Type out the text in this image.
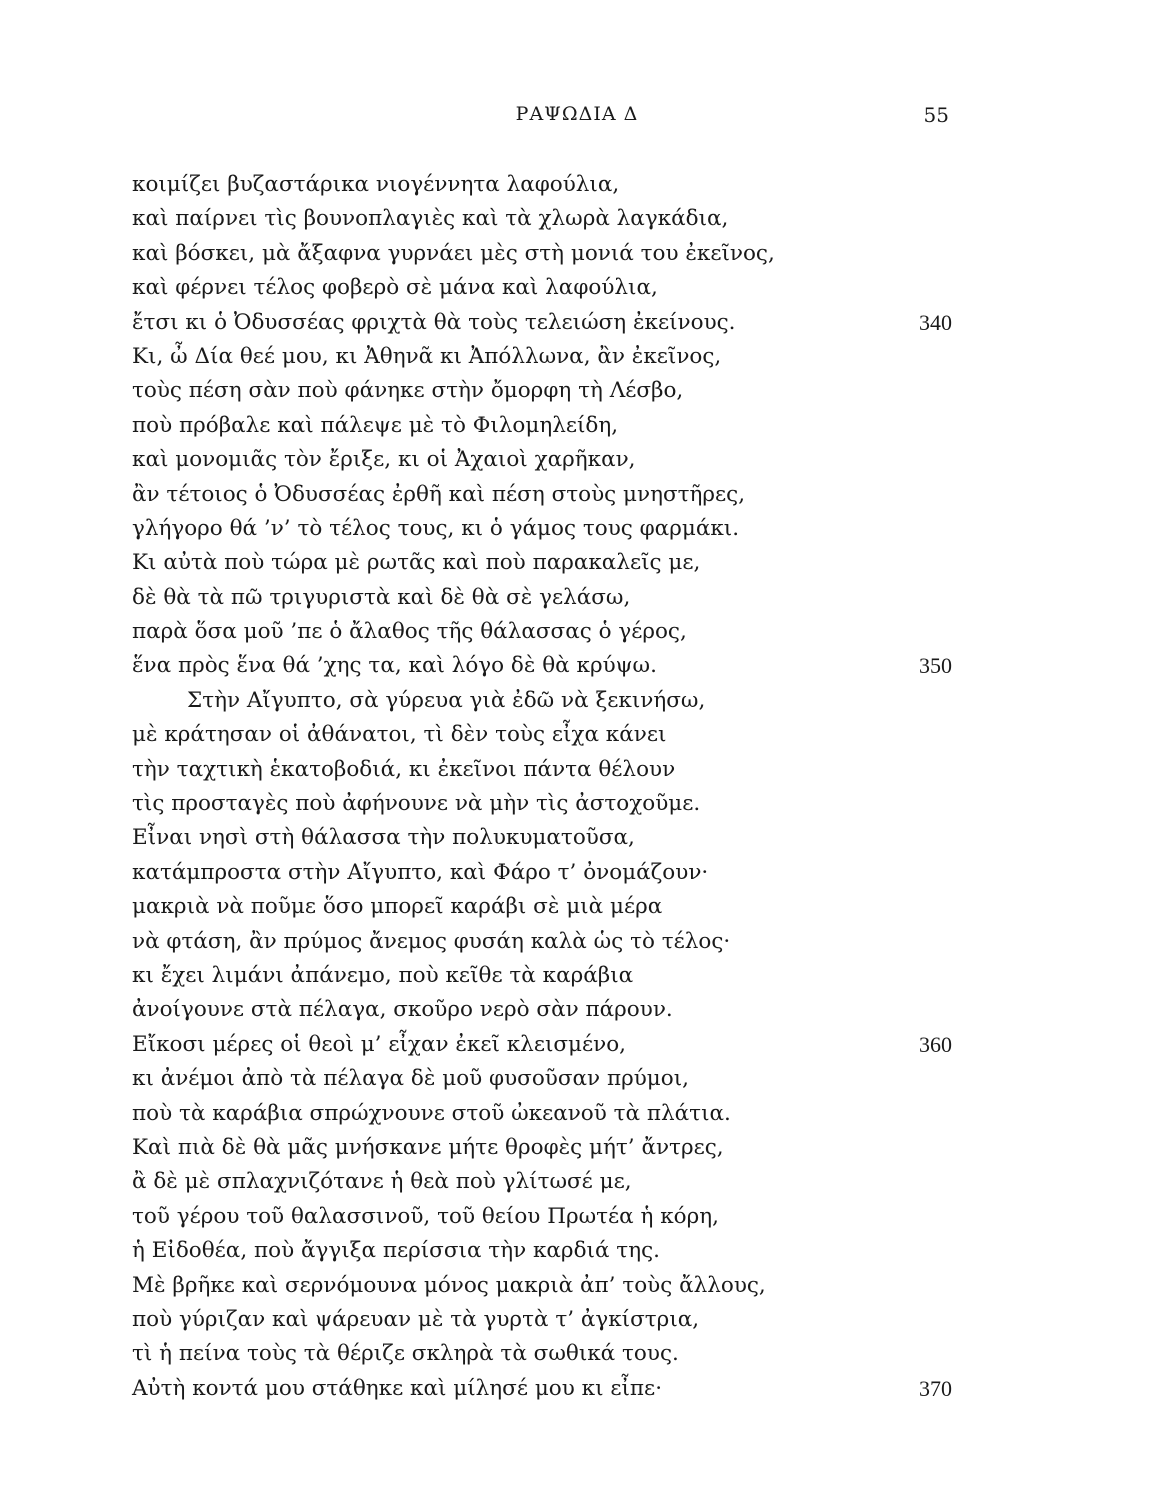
ΡΑΨΩΔΙΑ Δ	55
κοιμίζει βυζαστάρικα νιογέννητα λαφούλια,
καὶ παίρνει τὶς βουνοπλαγιὲς καὶ τὰ χλωρὰ λαγκάδια,
καὶ βόσκει, μὰ ἄξαφνα γυρνάει μὲς στὴ μονιά του ἐκεῖνος,
καὶ φέρνει τέλος φοβερὸ σὲ μάνα καὶ λαφούλια,
ἔτσι κι ὁ Ὀδυσσέας φριχτὰ θὰ τοὺς τελειώση ἐκείνους.	340
Κι, ὦ Δία θεέ μου, κι Ἀθηνᾶ κι Ἀπόλλωνα, ἂν ἐκεῖνος,
τοὺς πέση σὰν ποὺ φάνηκε στὴν ὄμορφη τὴ Λέσβο,
ποὺ πρόβαλε καὶ πάλεψε μὲ τὸ Φιλομηλείδη,
καὶ μονομιᾶς τὸν ἔριξε, κι οἱ Ἀχαιοὶ χαρῆκαν,
ἂν τέτοιος ὁ Ὀδυσσέας ἐρθῆ καὶ πέση στοὺς μνηστῆρες,
γλήγορο θά ’ν’ τὸ τέλος τους, κι ὁ γάμος τους φαρμάκι.
Κι αὐτὰ ποὺ τώρα μὲ ρωτᾶς καὶ ποὺ παρακαλεῖς με,
δὲ θὰ τὰ πῶ τριγυριστὰ καὶ δὲ θὰ σὲ γελάσω,
παρὰ ὅσα μοῦ ’πε ὁ ἄλαθος τῆς θάλασσας ὁ γέρος,
ἕνα πρὸς ἕνα θά ’χης τα, καὶ λόγο δὲ θὰ κρύψω.	350
Στὴν Αἴγυπτο, σὰ γύρευα γιὰ ἐδῶ νὰ ξεκινήσω,
μὲ κράτησαν οἱ ἀθάνατοι, τὶ δὲν τοὺς εἶχα κάνει
τὴν ταχτικὴ ἑκατοβοδιά, κι ἐκεῖνοι πάντα θέλουν
τὶς προσταγὲς ποὺ ἀφήνουνε νὰ μὴν τὶς ἀστοχοῦμε.
Εἶναι νησὶ στὴ θάλασσα τὴν πολυκυματοῦσα,
κατάμπροστα στὴν Αἴγυπτο, καὶ Φάρο τ’ ὀνομάζουν·
μακριὰ νὰ ποῦμε ὅσο μπορεῖ καράβι σὲ μιὰ μέρα
νὰ φτάση, ἂν πρύμος ἄνεμος φυσάη καλὰ ὡς τὸ τέλος·
κι ἔχει λιμάνι ἀπάνεμο, ποὺ κεῖθε τὰ καράβια
ἀνοίγουνε στὰ πέλαγα, σκοῦρο νερὸ σὰν πάρουν.
Εἴκοσι μέρες οἱ θεοὶ μ’ εἶχαν ἐκεῖ κλεισμένο,	360
κι ἀνέμοι ἀπὸ τὰ πέλαγα δὲ μοῦ φυσοῦσαν πρύμοι,
ποὺ τὰ καράβια σπρώχνουνε στοῦ ὠκεανοῦ τὰ πλάτια.
Καὶ πιὰ δὲ θὰ μᾶς μνήσκανε μήτε θροφὲς μήτ’ ἄντρες,
ἂ δὲ μὲ σπλαχνιζότανε ἡ θεὰ ποὺ γλίτωσέ με,
τοῦ γέρου τοῦ θαλασσινοῦ, τοῦ θείου Πρωτέα ἡ κόρη,
ἡ Εἰδοθέα, ποὺ ἄγγιξα περίσσια τὴν καρδιά της.
Μὲ βρῆκε καὶ σερνόμουνα μόνος μακριὰ ἀπ’ τοὺς ἄλλους,
ποὺ γύριζαν καὶ ψάρευαν μὲ τὰ γυρτὰ τ’ ἀγκίστρια,
τὶ ἡ πείνα τοὺς τὰ θέριζε σκληρὰ τὰ σωθικά τους.
Αὐτὴ κοντά μου στάθηκε καὶ μίλησέ μου κι εἶπε·	370
